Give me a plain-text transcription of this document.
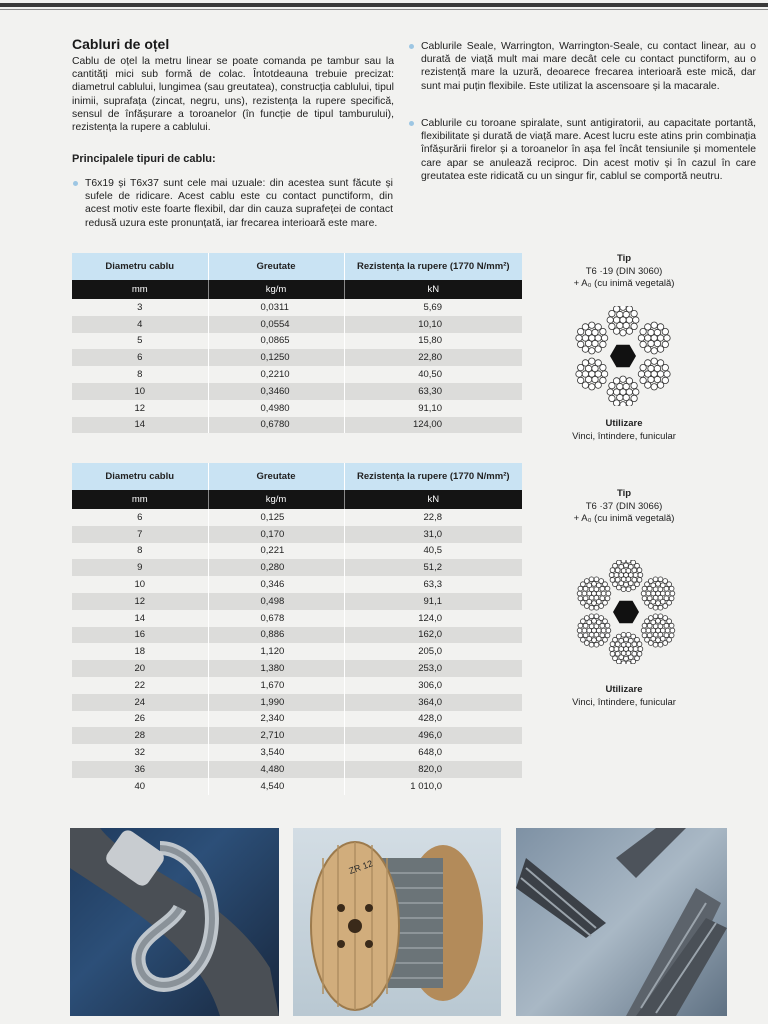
Cabluri de oțel

Cablu de oțel la metru linear se poate comanda pe tambur sau la cantități mici sub formă de colac. Întotdeauna trebuie precizat: diametrul cablului, lungimea (sau greutatea), construcția cablului, tipul inimii, suprafața (zincat, negru, uns), rezistența la rupere specifică, sensul de înfășurare a toroanelor (în funcție de tipul tamburului), rezistența la rupere a cablului.

Principalele tipuri de cablu:

T6x19 și T6x37 sunt cele mai uzuale: din acestea sunt făcute și sufele de ridicare. Acest cablu este cu contact punctiform, din acest motiv este foarte flexibil, dar din cauza suprafeței de contact redusă uzura este pronunțată, iar frecarea interioară este mare.

Cablurile Seale, Warrington, Warrington-Seale, cu contact linear, au o durată de viață mult mai mare decât cele cu contact punctiform, au o rezistență mare la uzură, deoarece frecarea interioară este mică, dar sunt mai puțin flexibile. Este utilizat la ascensoare și la macarale.

Cablurile cu toroane spiralate, sunt antigiratorii, au capacitate portantă, flexibilitate și durată de viață mare. Acest lucru este atins prin combinația înfășurării firelor și a toroanelor în așa fel încât tensiunile și momentele care apar se anulează reciproc. Din acest motiv și în cazul în care greutatea este ridicată cu un singur fir, cablul se comportă neutru.

Diametru cablu	Greutate	Rezistența la rupere (1770 N/mm²)
mm	kg/m	kN
3	0,0311	5,69
4	0,0554	10,10
5	0,0865	15,80
6	0,1250	22,80
8	0,2210	40,50
10	0,3460	63,30
12	0,4980	91,10
14	0,6780	124,00
Diametru cablu	Greutate	Rezistența la rupere (1770 N/mm²)
mm	kg/m	kN
6	0,125	22,8
7	0,170	31,0
8	0,221	40,5
9	0,280	51,2
10	0,346	63,3
12	0,498	91,1
14	0,678	124,0
16	0,886	162,0
18	1,120	205,0
20	1,380	253,0
22	1,670	306,0
24	1,990	364,0
26	2,340	428,0
28	2,710	496,0
32	3,540	648,0
36	4,480	820,0
40	4,540	1 010,0
Tip
T6 ·19 (DIN 3060)
+ A₀ (cu inimă vegetală)
Utilizare
Vinci, întindere, funicular
Tip
T6 ·37 (DIN 3066)
+ A₀ (cu inimă vegetală)
Utilizare
Vinci, întindere, funicular
ZR 12
